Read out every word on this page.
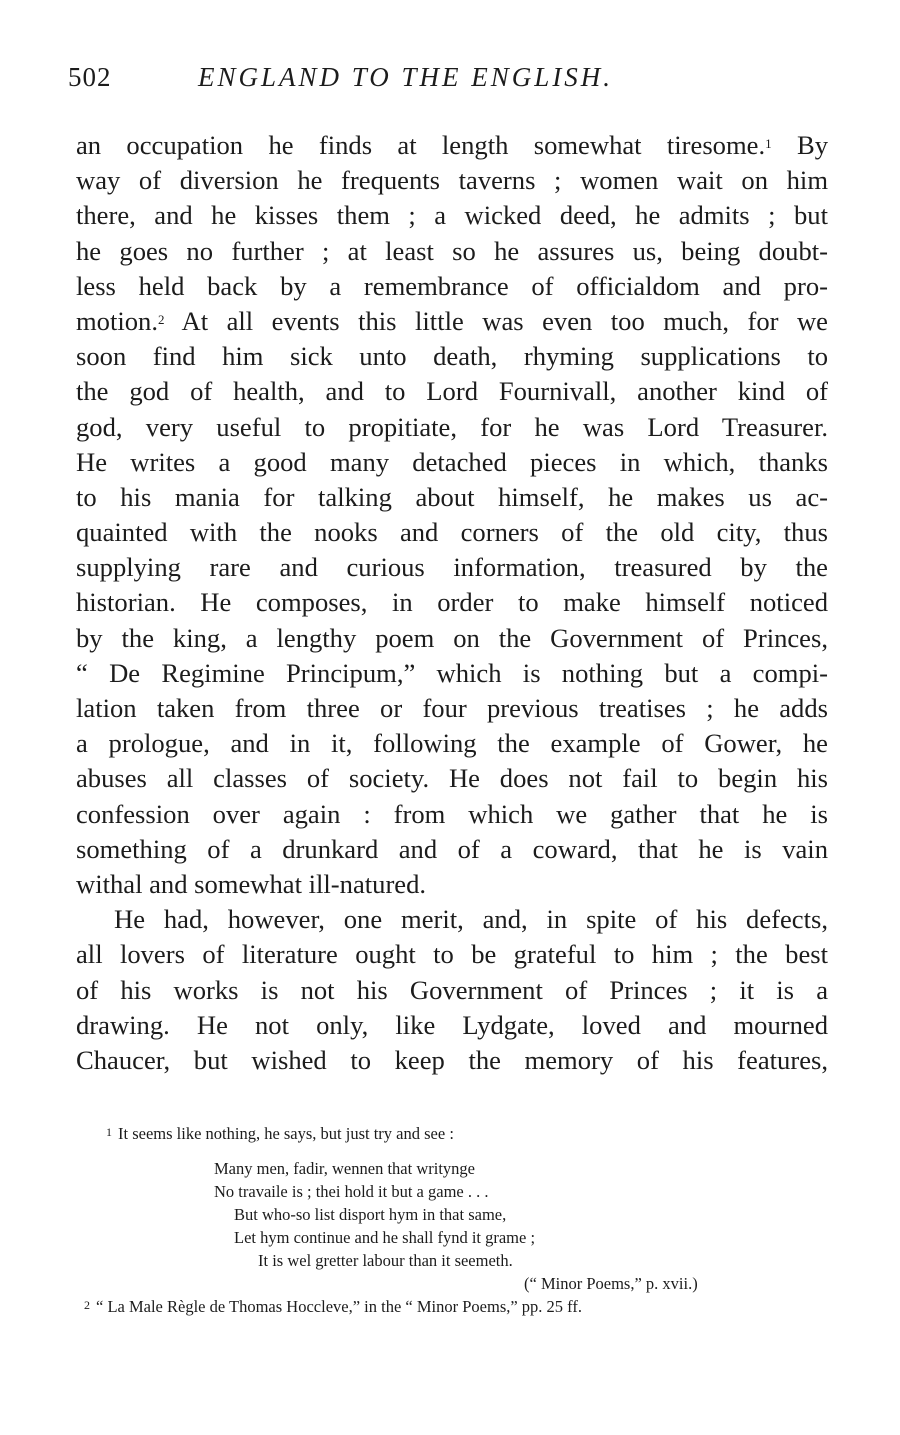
502	ENGLAND TO THE ENGLISH.
an occupation he finds at length somewhat tiresome.$^1$ By
way of diversion he frequents taverns ; women wait on him
there, and he kisses them ; a wicked deed, he admits ; but
he goes no further ; at least so he assures us, being doubt-
less held back by a remembrance of officialdom and pro-
motion.$^2$ At all events this little was even too much, for we
soon find him sick unto death, rhyming supplications to
the god of health, and to Lord Fournivall, another kind of
god, very useful to propitiate, for he was Lord Treasurer.
He writes a good many detached pieces in which, thanks
to his mania for talking about himself, he makes us ac-
quainted with the nooks and corners of the old city, thus
supplying rare and curious information, treasured by the
historian. He composes, in order to make himself noticed
by the king, a lengthy poem on the Government of Princes,
“ De Regimine Principum,” which is nothing but a compi-
lation taken from three or four previous treatises ; he adds
a prologue, and in it, following the example of Gower, he
abuses all classes of society. He does not fail to begin his
confession over again : from which we gather that he is
something of a drunkard and of a coward, that he is vain
withal and somewhat ill-natured.
He had, however, one merit, and, in spite of his defects,
all lovers of literature ought to be grateful to him ; the best
of his works is not his Government of Princes ; it is a
drawing. He not only, like Lydgate, loved and mourned
Chaucer, but wished to keep the memory of his features,
$^1$ It seems like nothing, he says, but just try and see :
Many men, fadir, wennen that writynge
No travaile is ; thei hold it but a game . . .
But who-so list disport hym in that same,
Let hym continue and he shall fynd it grame ;
It is wel gretter labour than it seemeth.
(“ Minor Poems,” p. xvii.)
$^2$ “ La Male Règle de Thomas Hoccleve,” in the “ Minor Poems,” pp. 25 ff.
